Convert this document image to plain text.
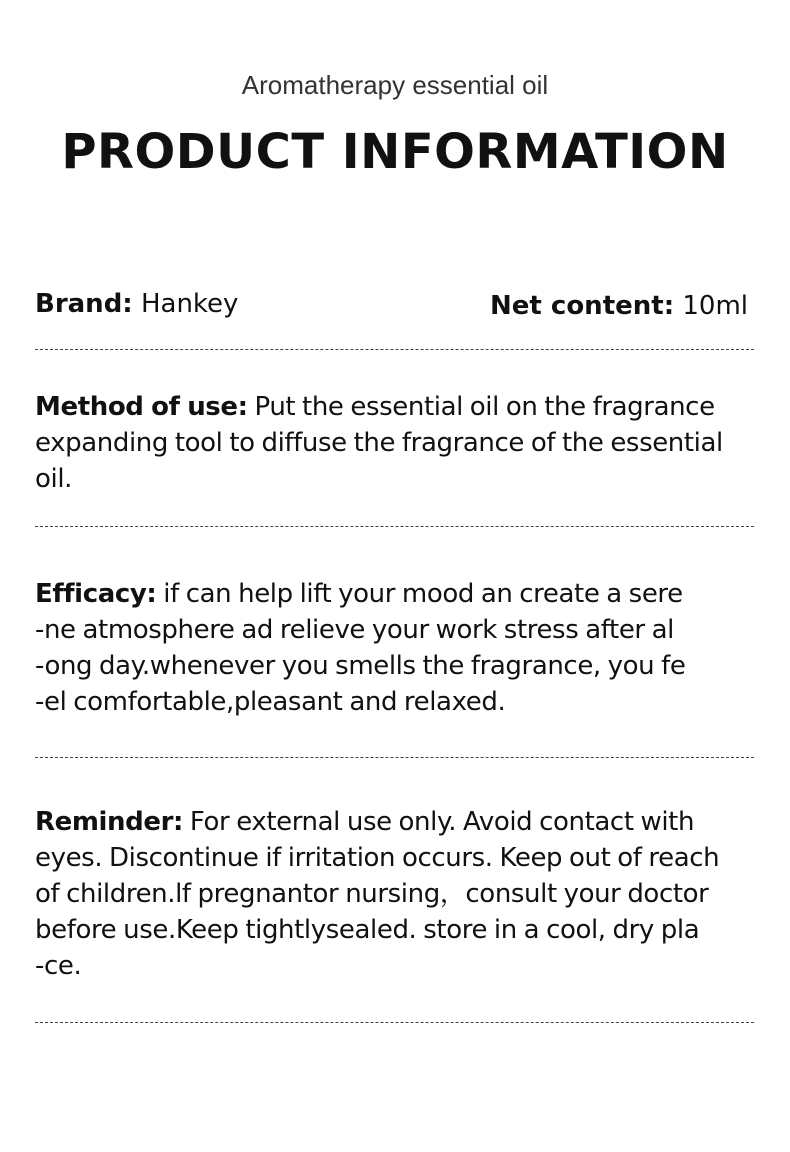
Aromatherapy essential oil
PRODUCT INFORMATION
Brand: Hankey	Net content: 10ml
Method of use: Put the essential oil on the fragrance
expanding tool to diffuse the fragrance of the essential
oil.
Efficacy: if can help lift your mood an create a sere
-ne atmosphere ad relieve your work stress after al
-ong day.whenever you smells the fragrance, you fe
-el comfortable,pleasant and relaxed.
Reminder: For external use only. Avoid contact with
eyes. Discontinue if irritation occurs. Keep out of reach
of children.lf pregnantor nursing，consult your doctor
before use.Keep tightlysealed. store in a cool, dry pla
-ce.
